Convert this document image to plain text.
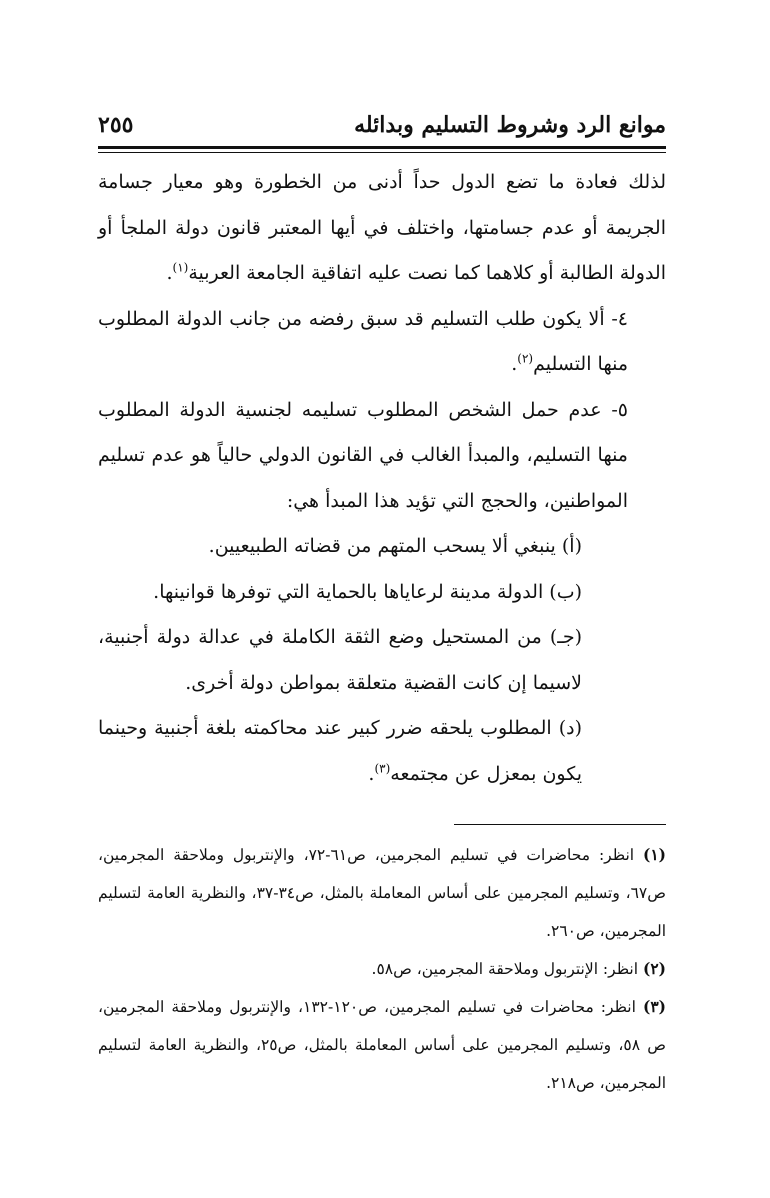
موانع الرد وشروط التسليم وبدائله
٢٥٥

لذلك فعادة ما تضع الدول حداً أدنى من الخطورة وهو معيار جسامة الجريمة أو عدم جسامتها، واختلف في أيها المعتبر قانون دولة الملجأ أو الدولة الطالبة أو كلاهما كما نصت عليه اتفاقية الجامعة العربية$^{(١)}$.

٤- ألا يكون طلب التسليم قد سبق رفضه من جانب الدولة المطلوب منها التسليم$^{(٢)}$.

٥- عدم حمل الشخص المطلوب تسليمه لجنسية الدولة المطلوب منها التسليم، والمبدأ الغالب في القانون الدولي حالياً هو عدم تسليم المواطنين، والحجج التي تؤيد هذا المبدأ هي:

(أ) ينبغي ألا يسحب المتهم من قضاته الطبيعيين.

(ب) الدولة مدينة لرعاياها بالحماية التي توفرها قوانينها.

(جـ) من المستحيل وضع الثقة الكاملة في عدالة دولة أجنبية، لاسيما إن كانت القضية متعلقة بمواطن دولة أخرى.

(د) المطلوب يلحقه ضرر كبير عند محاكمته بلغة أجنبية وحينما يكون بمعزل عن مجتمعه$^{(٣)}$.

(١) انظر: محاضرات في تسليم المجرمين، ص٦١-٧٢، والإنتربول وملاحقة المجرمين، ص٦٧، وتسليم المجرمين على أساس المعاملة بالمثل، ص٣٤-٣٧، والنظرية العامة لتسليم المجرمين، ص٢٦٠.

(٢) انظر: الإنتربول وملاحقة المجرمين، ص٥٨.

(٣) انظر: محاضرات في تسليم المجرمين، ص١٢٠-١٣٢، والإنتربول وملاحقة المجرمين، ص ٥٨، وتسليم المجرمين على أساس المعاملة بالمثل، ص٢٥، والنظرية العامة لتسليم المجرمين، ص٢١٨.
